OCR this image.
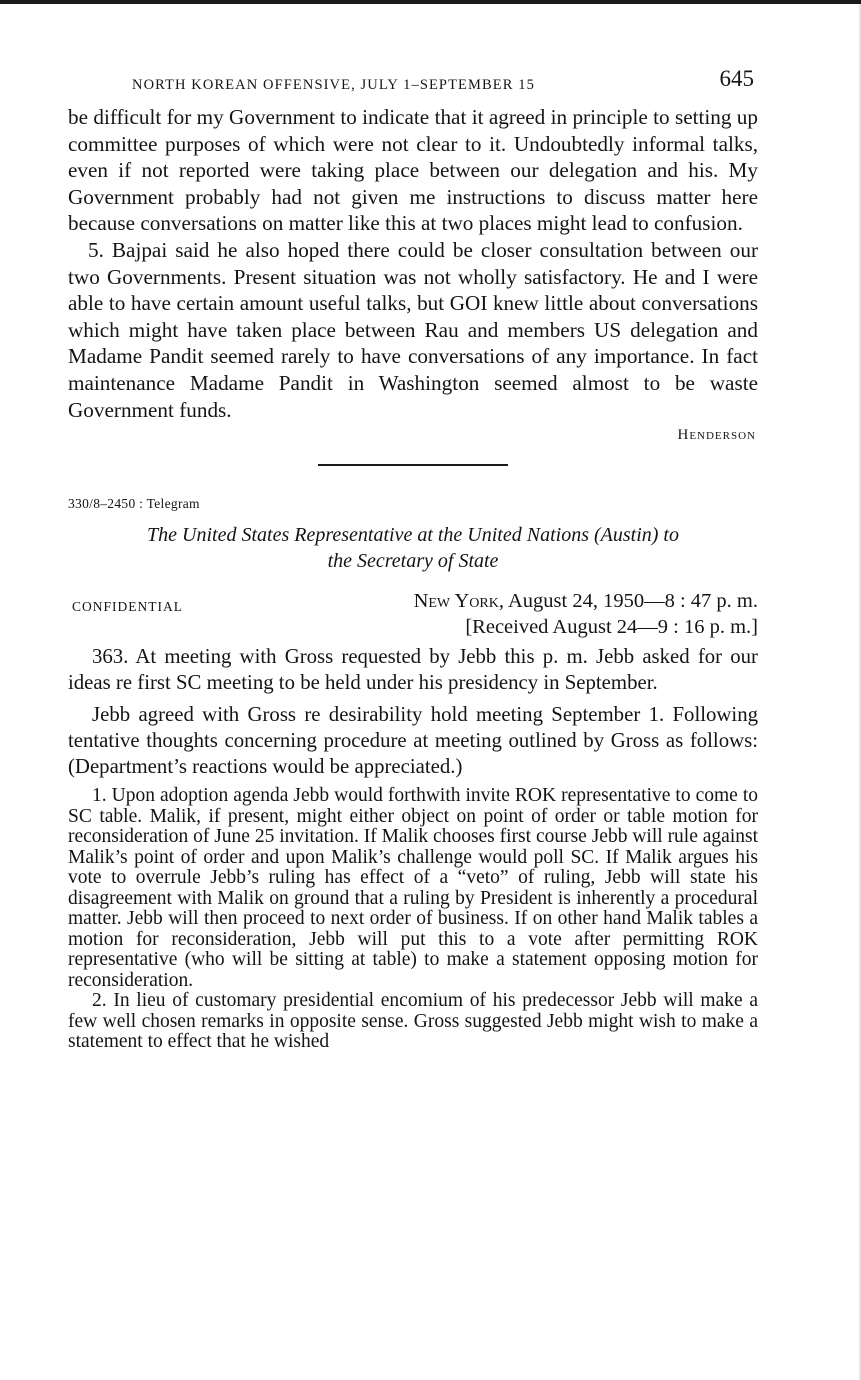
NORTH KOREAN OFFENSIVE, JULY 1–SEPTEMBER 15	645

be difficult for my Government to indicate that it agreed in principle to setting up committee purposes of which were not clear to it. Undoubtedly informal talks, even if not reported were taking place between our delegation and his. My Government probably had not given me instructions to discuss matter here because conversations on matter like this at two places might lead to confusion.

5. Bajpai said he also hoped there could be closer consultation between our two Governments. Present situation was not wholly satisfactory. He and I were able to have certain amount useful talks, but GOI knew little about conversations which might have taken place between Rau and members US delegation and Madame Pandit seemed rarely to have conversations of any importance. In fact maintenance Madame Pandit in Washington seemed almost to be waste Government funds.

Henderson
330/8–2450 : Telegram
The United States Representative at the United Nations (Austin) to
the Secretary of State
CONFIDENTIAL	New York, August 24, 1950—8 : 47 p. m.
[Received August 24—9 : 16 p. m.]

363. At meeting with Gross requested by Jebb this p. m. Jebb asked for our ideas re first SC meeting to be held under his presidency in September.

Jebb agreed with Gross re desirability hold meeting September 1. Following tentative thoughts concerning procedure at meeting outlined by Gross as follows: (Department’s reactions would be appreciated.)

1. Upon adoption agenda Jebb would forthwith invite ROK representative to come to SC table. Malik, if present, might either object on point of order or table motion for reconsideration of June 25 invitation. If Malik chooses first course Jebb will rule against Malik’s point of order and upon Malik’s challenge would poll SC. If Malik argues his vote to overrule Jebb’s ruling has effect of a “veto” of ruling, Jebb will state his disagreement with Malik on ground that a ruling by President is inherently a procedural matter. Jebb will then proceed to next order of business. If on other hand Malik tables a motion for reconsideration, Jebb will put this to a vote after permitting ROK representative (who will be sitting at table) to make a statement opposing motion for reconsideration.

2. In lieu of customary presidential encomium of his predecessor Jebb will make a few well chosen remarks in opposite sense. Gross suggested Jebb might wish to make a statement to effect that he wished
